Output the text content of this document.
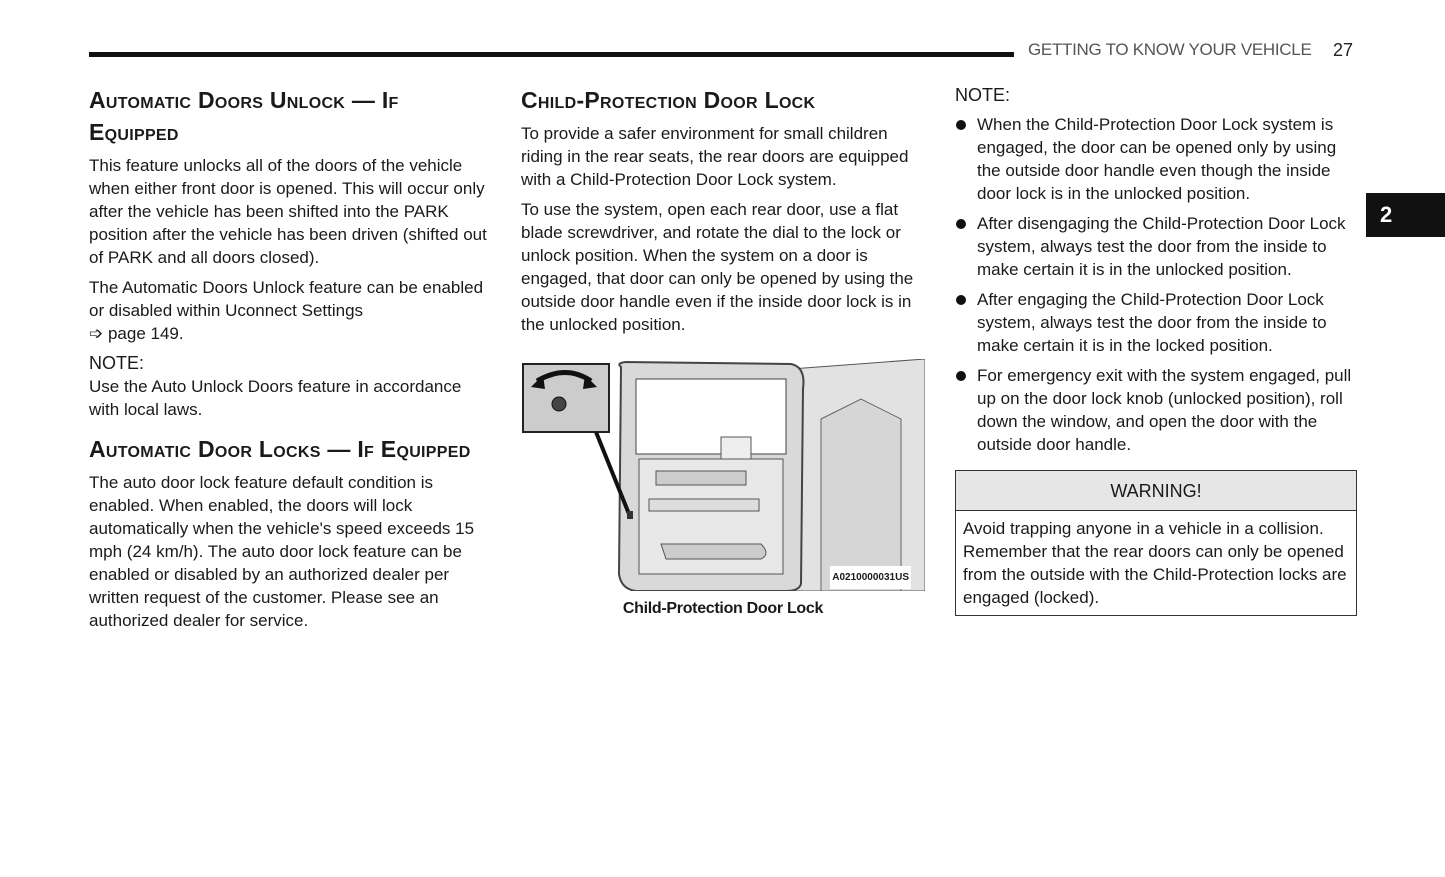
GETTING TO KNOW YOUR VEHICLE 27
2
Automatic Doors Unlock — If Equipped

This feature unlocks all of the doors of the vehicle when either front door is opened. This will occur only after the vehicle has been shifted into the PARK position after the vehicle has been driven (shifted out of PARK and all doors closed).

The Automatic Doors Unlock feature can be enabled or disabled within Uconnect Settings
➩ page 149.

NOTE:

Use the Auto Unlock Doors feature in accordance with local laws.

Automatic Door Locks — If Equipped

The auto door lock feature default condition is enabled. When enabled, the doors will lock automatically when the vehicle's speed exceeds 15 mph (24 km/h). The auto door lock feature can be enabled or disabled by an authorized dealer per written request of the customer. Please see an authorized dealer for service.

Child-Protection Door Lock

To provide a safer environment for small children riding in the rear seats, the rear doors are equipped with a Child-Protection Door Lock system.

To use the system, open each rear door, use a flat blade screwdriver, and rotate the dial to the lock or unlock position. When the system on a door is engaged, that door can only be opened by using the outside door handle even if the inside door lock is in the unlocked position.

A0210000031US
Child-Protection Door Lock
NOTE:
When the Child-Protection Door Lock system is engaged, the door can be opened only by using the outside door handle even though the inside door lock is in the unlocked position.
After disengaging the Child-Protection Door Lock system, always test the door from the inside to make certain it is in the unlocked position.
After engaging the Child-Protection Door Lock system, always test the door from the inside to make certain it is in the locked position.
For emergency exit with the system engaged, pull up on the door lock knob (unlocked position), roll down the window, and open the door with the outside door handle.
WARNING!
Avoid trapping anyone in a vehicle in a collision. Remember that the rear doors can only be opened from the outside with the Child-Protection locks are engaged (locked).
